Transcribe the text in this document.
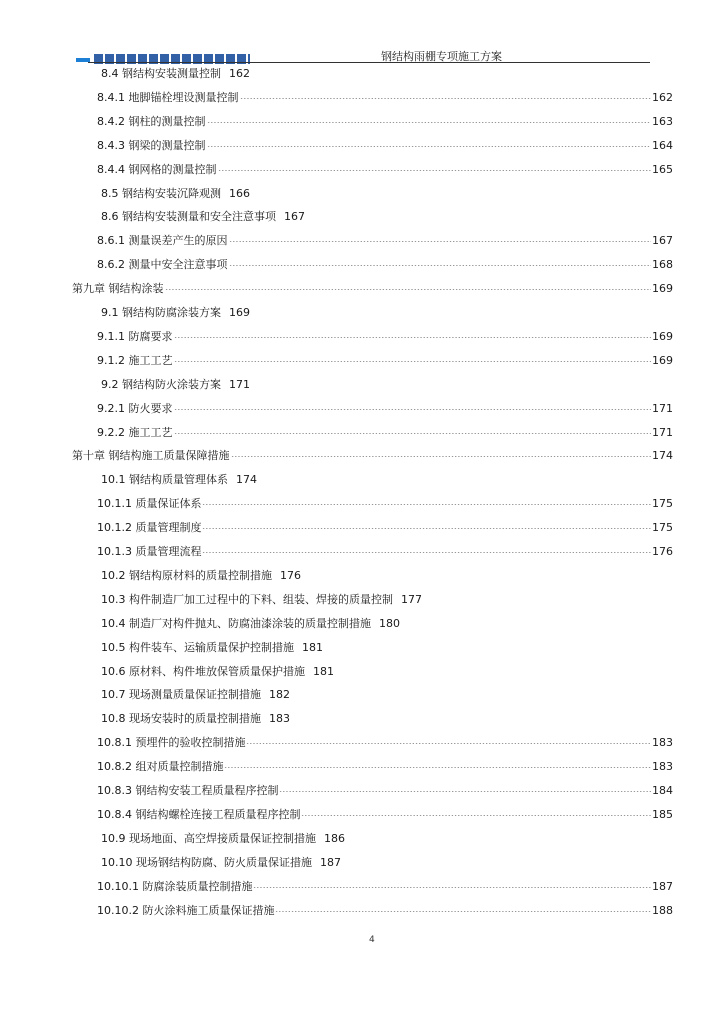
钢结构雨棚专项施工方案
8.4 钢结构安装测量控制 162
8.4.1 地脚锚栓埋设测量控制	162
8.4.2 钢柱的测量控制	163
8.4.3 钢梁的测量控制	164
8.4.4 钢网格的测量控制	165
8.5 钢结构安装沉降观测 166
8.6 钢结构安装测量和安全注意事项 167
8.6.1 测量误差产生的原因	167
8.6.2 测量中安全注意事项	168
第九章 钢结构涂装	169
9.1 钢结构防腐涂装方案 169
9.1.1 防腐要求	169
9.1.2 施工工艺	169
9.2 钢结构防火涂装方案 171
9.2.1 防火要求	171
9.2.2 施工工艺	171
第十章 钢结构施工质量保障措施	174
10.1 钢结构质量管理体系 174
10.1.1 质量保证体系	175
10.1.2 质量管理制度	175
10.1.3 质量管理流程	176
10.2 钢结构原材料的质量控制措施 176
10.3 构件制造厂加工过程中的下料、组装、焊接的质量控制 177
10.4 制造厂对构件抛丸、防腐油漆涂装的质量控制措施 180
10.5 构件装车、运输质量保护控制措施 181
10.6 原材料、构件堆放保管质量保护措施 181
10.7 现场测量质量保证控制措施 182
10.8 现场安装时的质量控制措施 183
10.8.1 预埋件的验收控制措施	183
10.8.2 组对质量控制措施	183
10.8.3 钢结构安装工程质量程序控制	184
10.8.4 钢结构螺栓连接工程质量程序控制	185
10.9 现场地面、高空焊接质量保证控制措施 186
10.10 现场钢结构防腐、防火质量保证措施 187
10.10.1 防腐涂装质量控制措施	187
10.10.2 防火涂料施工质量保证措施	188
4
